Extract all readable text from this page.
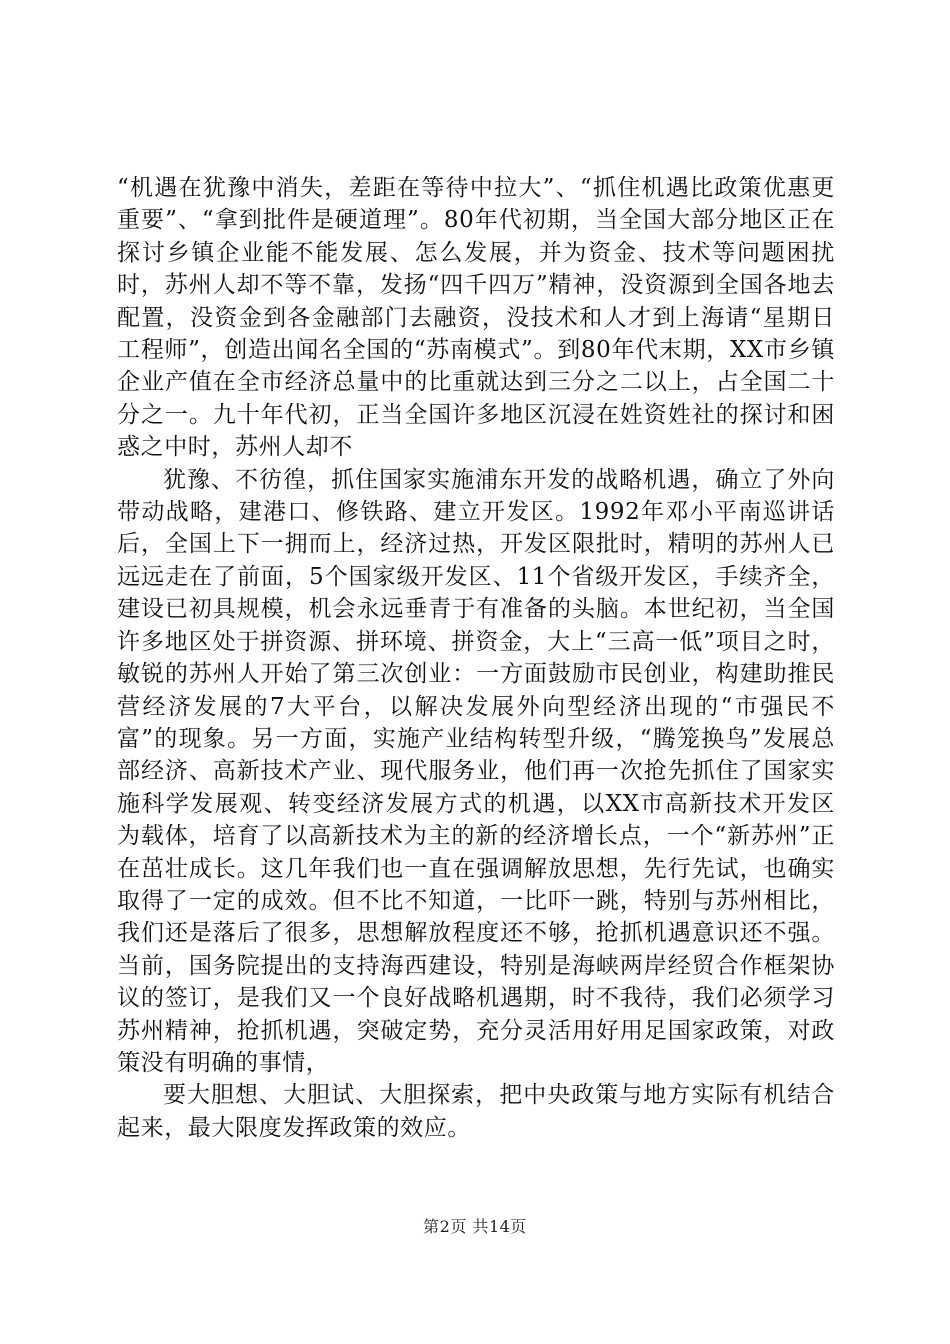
“机遇在犹豫中消失，差距在等待中拉大”、“抓住机遇比政策优惠更重要”、“拿到批件是硬道理”。80年代初期，当全国大部分地区正在探讨乡镇企业能不能发展、怎么发展，并为资金、技术等问题困扰时，苏州人却不等不靠，发扬“四千四万”精神，没资源到全国各地去配置，没资金到各金融部门去融资，没技术和人才到上海请“星期日工程师”，创造出闻名全国的“苏南模式”。到80年代末期，XX市乡镇企业产值在全市经济总量中的比重就达到三分之二以上，占全国二十分之一。九十年代初，正当全国许多地区沉浸在姓资姓社的探讨和困惑之中时，苏州人却不

犹豫、不彷徨，抓住国家实施浦东开发的战略机遇，确立了外向带动战略，建港口、修铁路、建立开发区。1992年邓小平南巡讲话后，全国上下一拥而上，经济过热，开发区限批时，精明的苏州人已远远走在了前面，5个国家级开发区、11个省级开发区，手续齐全，建设已初具规模，机会永远垂青于有准备的头脑。本世纪初，当全国许多地区处于拼资源、拼环境、拼资金，大上“三高一低”项目之时，敏锐的苏州人开始了第三次创业：一方面鼓励市民创业，构建助推民营经济发展的7大平台，以解决发展外向型经济出现的“市强民不富”的现象。另一方面，实施产业结构转型升级，“腾笼换鸟”发展总部经济、高新技术产业、现代服务业，他们再一次抢先抓住了国家实施科学发展观、转变经济发展方式的机遇，以XX市高新技术开发区为载体，培育了以高新技术为主的新的经济增长点，一个“新苏州”正在茁壮成长。这几年我们也一直在强调解放思想，先行先试，也确实取得了一定的成效。但不比不知道，一比吓一跳，特别与苏州相比，我们还是落后了很多，思想解放程度还不够，抢抓机遇意识还不强。当前，国务院提出的支持海西建设，特别是海峡两岸经贸合作框架协议的签订，是我们又一个良好战略机遇期，时不我待，我们必须学习苏州精神，抢抓机遇，突破定势，充分灵活用好用足国家政策，对政策没有明确的事情，

要大胆想、大胆试、大胆探索，把中央政策与地方实际有机结合起来，最大限度发挥政策的效应。

第2页 共14页
